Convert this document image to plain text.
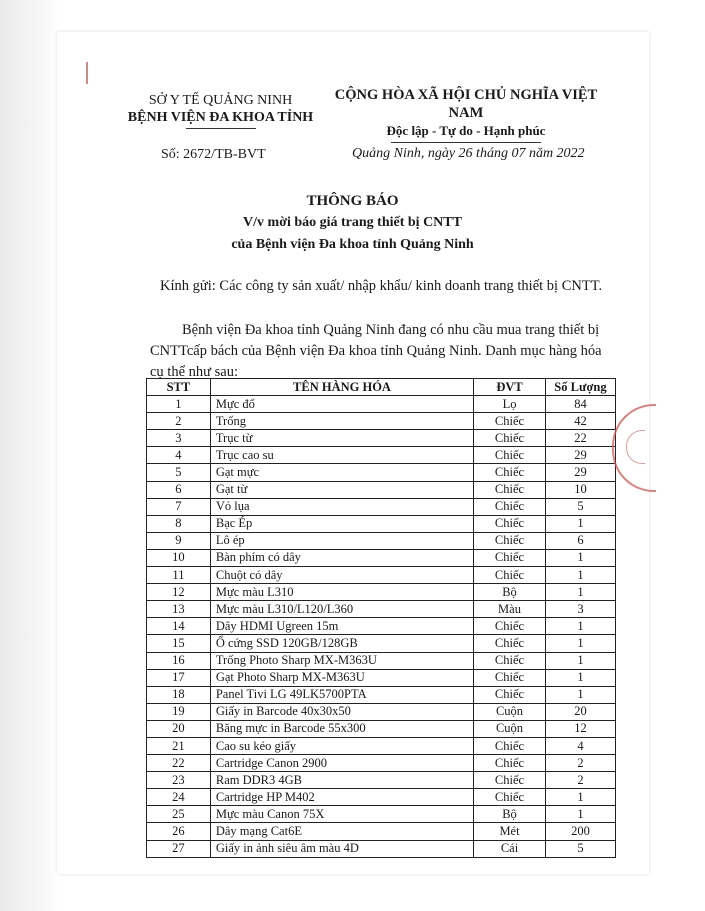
SỞ Y TẾ QUẢNG NINH
BỆNH VIỆN ĐA KHOA TỈNH
CỘNG HÒA XÃ HỘI CHỦ NGHĨA VIỆT NAM
Độc lập - Tự do - Hạnh phúc
Số: 2672/TB-BVT	Quảng Ninh, ngày 26 tháng 07 năm 2022
THÔNG BÁO
V/v mời báo giá trang thiết bị CNTT
của Bệnh viện Đa khoa tỉnh Quảng Ninh
Kính gửi: Các công ty sản xuất/ nhập khẩu/ kinh doanh trang thiết bị CNTT.
Bệnh viện Đa khoa tỉnh Quảng Ninh đang có nhu cầu mua trang thiết bị CNTTcấp bách của Bệnh viện Đa khoa tỉnh Quảng Ninh. Danh mục hàng hóa cụ thể như sau:
STT	TÊN HÀNG HÓA	ĐVT	Số Lượng
1	Mực đổ	Lọ	84
2	Trống	Chiếc	42
3	Trục từ	Chiếc	22
4	Trục cao su	Chiếc	29
5	Gạt mực	Chiếc	29
6	Gạt từ	Chiếc	10
7	Vỏ lụa	Chiếc	5
8	Bạc Ép	Chiếc	1
9	Lô ép	Chiếc	6
10	Bàn phím có dây	Chiếc	1
11	Chuột có dây	Chiếc	1
12	Mực màu L310	Bộ	1
13	Mực màu L310/L120/L360	Màu	3
14	Dây HDMI Ugreen 15m	Chiếc	1
15	Ổ cứng SSD 120GB/128GB	Chiếc	1
16	Trống Photo Sharp MX-M363U	Chiếc	1
17	Gạt Photo Sharp MX-M363U	Chiếc	1
18	Panel Tivi LG 49LK5700PTA	Chiếc	1
19	Giấy in Barcode 40x30x50	Cuộn	20
20	Băng mực in Barcode 55x300	Cuộn	12
21	Cao su kéo giấy	Chiếc	4
22	Cartridge Canon 2900	Chiếc	2
23	Ram DDR3 4GB	Chiếc	2
24	Cartridge HP M402	Chiếc	1
25	Mực màu Canon 75X	Bộ	1
26	Dây mạng Cat6E	Mét	200
27	Giấy in ảnh siêu âm màu 4D	Cái	5
